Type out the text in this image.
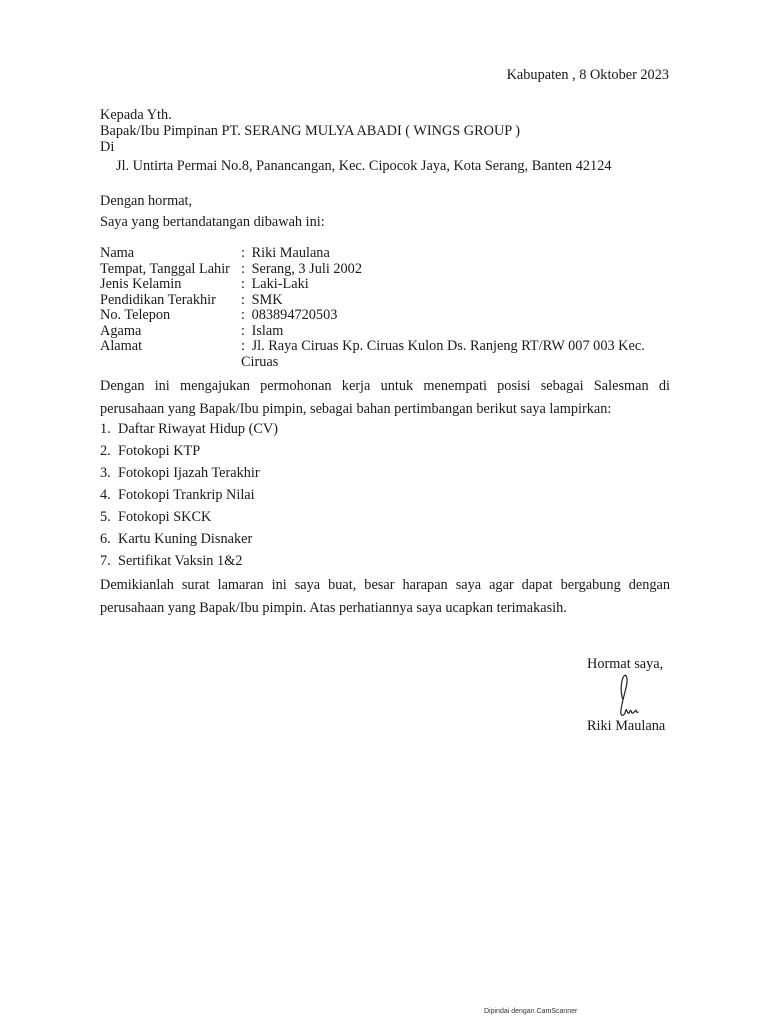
Kabupaten , 8 Oktober 2023
Kepada Yth.
Bapak/Ibu Pimpinan PT. SERANG MULYA ABADI ( WINGS GROUP )
Di
Jl. Untirta Permai No.8, Panancangan, Kec. Cipocok Jaya, Kota Serang, Banten 42124
Dengan hormat,
Saya yang bertandatangan dibawah ini:
Nama	: Riki Maulana
Tempat, Tanggal Lahir	: Serang, 3 Juli 2002
Jenis Kelamin	: Laki-Laki
Pendidikan Terakhir	: SMK
No. Telepon	: 083894720503
Agama	: Islam
Alamat	: Jl. Raya Ciruas Kp. Ciruas Kulon Ds. Ranjeng RT/RW 007 003 Kec. Ciruas
Dengan ini mengajukan permohonan kerja untuk menempati posisi sebagai Salesman di perusahaan yang Bapak/Ibu pimpin, sebagai bahan pertimbangan berikut saya lampirkan:
1. Daftar Riwayat Hidup (CV)
2. Fotokopi KTP
3. Fotokopi Ijazah Terakhir
4. Fotokopi Trankrip Nilai
5. Fotokopi SKCK
6. Kartu Kuning Disnaker
7. Sertifikat Vaksin 1&2
Demikianlah surat lamaran ini saya buat, besar harapan saya agar dapat bergabung dengan perusahaan yang Bapak/Ibu pimpin. Atas perhatiannya saya ucapkan terimakasih.
Hormat saya,
Riki Maulana
Dipindai dengan CamScanner
